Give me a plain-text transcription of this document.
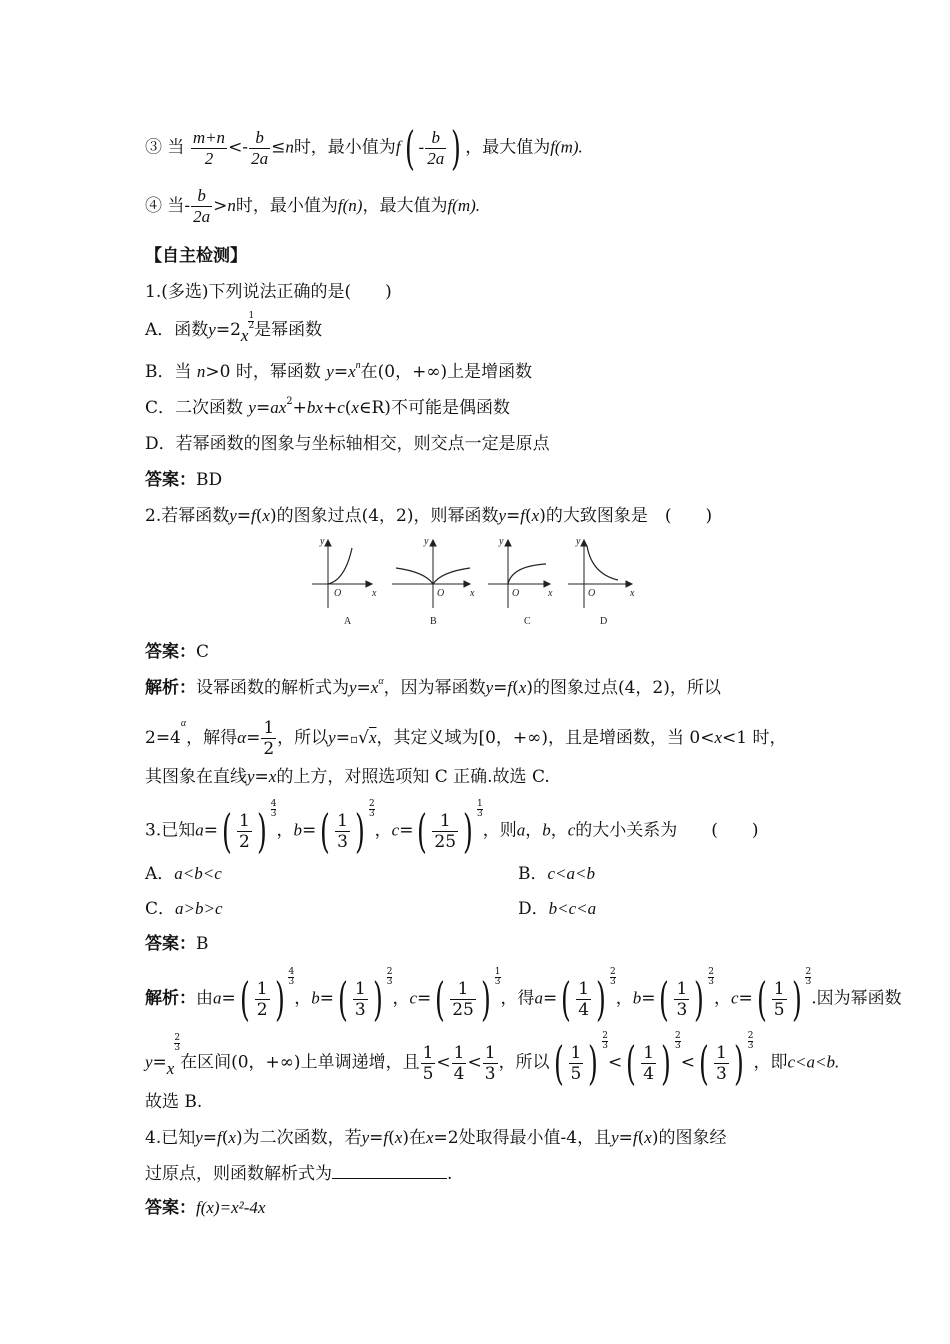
③ 当 $\frac{m+n}{2} <- \frac{b}{2a} \le n$时，最小值为f ( - $\frac{b}{2a}$ ) ，最大值为f(m).
④ 当- $\frac{b}{2a} >n$时，最小值为f(n)，最大值为f(m).
【自主检测】
1.(多选)下列说法正确的是(　　)
A．函数y=2x
$\frac{1}{2}$ 是幂函数
B．当 n>0 时，幂函数 $y=x^n$在(0，+∞)上是增函数
C．二次函数 $y=ax^2+bx+c(x\in R)$不可能是偶函数
D．若幂函数的图象与坐标轴相交，则交点一定是原点
答案：BD
2.若幂函数y=f(x)的图象过点(4，2)，则幂函数y=f(x)的大致图象是　(　　)
y
O	x
A
y
O	x
B
y
O	x
C
y
O	x
D
答案：C
解析：设幂函数的解析式为$y=x^\alpha$，因为幂函数y=f(x)的图象过点(4，2)，所以
$2=4^\alpha$，解得$\alpha= \frac{1}{2}$ ，所以y=▫√x，其定义域为[0，+∞)，且是增函数，当 0<x<1 时，
其图象在直线y=x的上方，对照选项知 C 正确.故选 C.
3.已知a= ( $\frac{1}{2}$ ) $\frac{4}{3}$
，b= ( $\frac{1}{3}$ ) $\frac{2}{3}$
，c= ( $\frac{1}{25}$ ) $\frac{1}{3}$
，则a，b，c的大小关系为　　(　　)
A．a<b<c	B．c<a<b
C．a>b>c	D．b<c<a
答案：B
解析：由a= ( $\frac{1}{2}$ ) $\frac{4}{3}$
，b= ( $\frac{1}{3}$ ) $\frac{2}{3}$
，c= ( $\frac{1}{25}$ ) $\frac{1}{3}$
，得a= ( $\frac{1}{4}$ ) $\frac{2}{3}$
，b= ( $\frac{1}{3}$ ) $\frac{2}{3}$
，c= ( $\frac{1}{5}$ ) $\frac{2}{3}$
.因为幂函数
y=x
$\frac{2}{3}$
在区间(0，+∞)上单调递增，且 $\frac{1}{5} < \frac{1}{4} < \frac{1}{3}$ ，所以 ( $\frac{1}{5}$ ) $\frac{2}{3}$
< ( $\frac{1}{4}$ ) $\frac{2}{3}$
< ( $\frac{1}{3}$ ) $\frac{2}{3}$
，即c<a<b.
故选 B.
4.已知y=f(x)为二次函数，若y=f(x)在x=2处取得最小值-4，且y=f(x)的图象经
过原点，则函数解析式为	.
答案：f(x)=x²-4x
